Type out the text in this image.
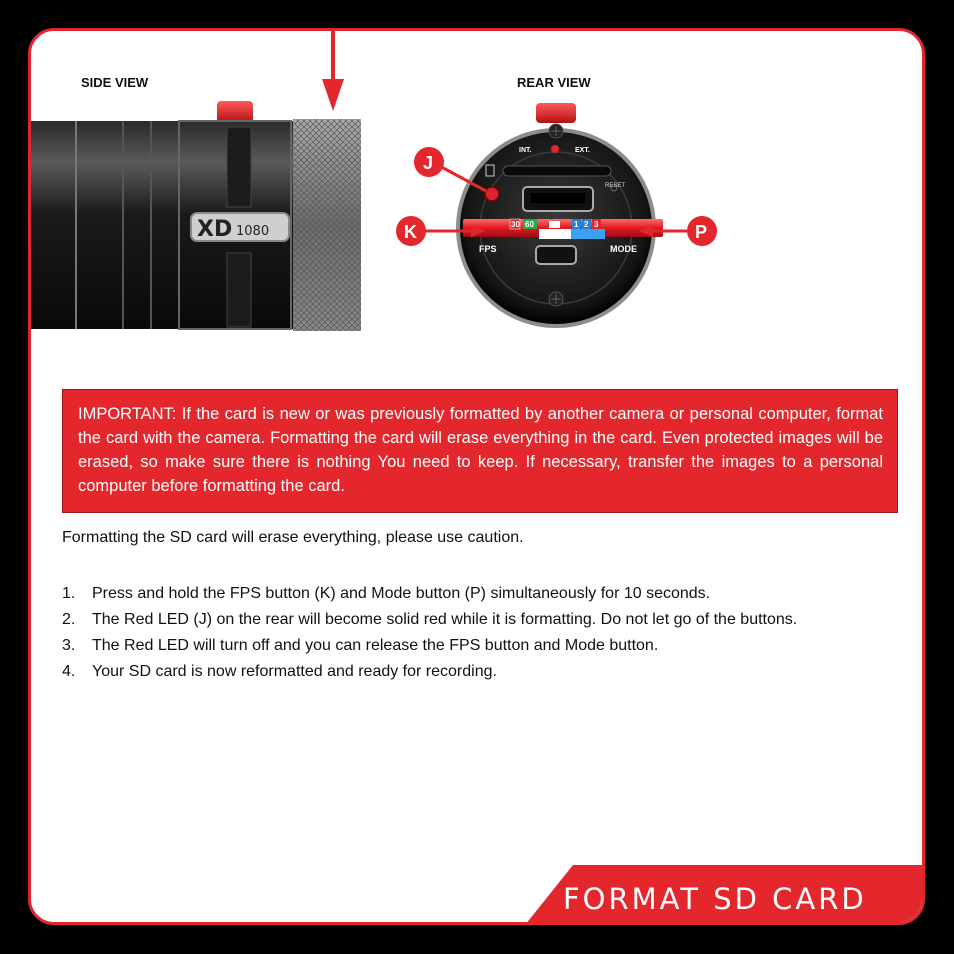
SIDE VIEW	REAR VIEW
XD 1080
INT.	EXT.
RESET
30 60	1 2 3
FPS	MODE
J
K	P
IMPORTANT: If the card is new or was previously formatted by another camera or personal computer, format the card with the camera. Formatting the card will erase everything in the card. Even protected images will be erased, so make sure there is nothing You need to keep. If necessary, transfer the images to a personal computer before formatting the card.
Formatting the SD card will erase everything, please use caution.
1. Press and hold the FPS button (K) and Mode button (P) simultaneously for 10 seconds.
2. The Red LED (J) on the rear will become solid red while it is formatting. Do not let go of the buttons.
3. The Red LED will turn off and you can release the FPS button and Mode button.
4. Your SD card is now reformatted and ready for recording.
FORMAT SD CARD
